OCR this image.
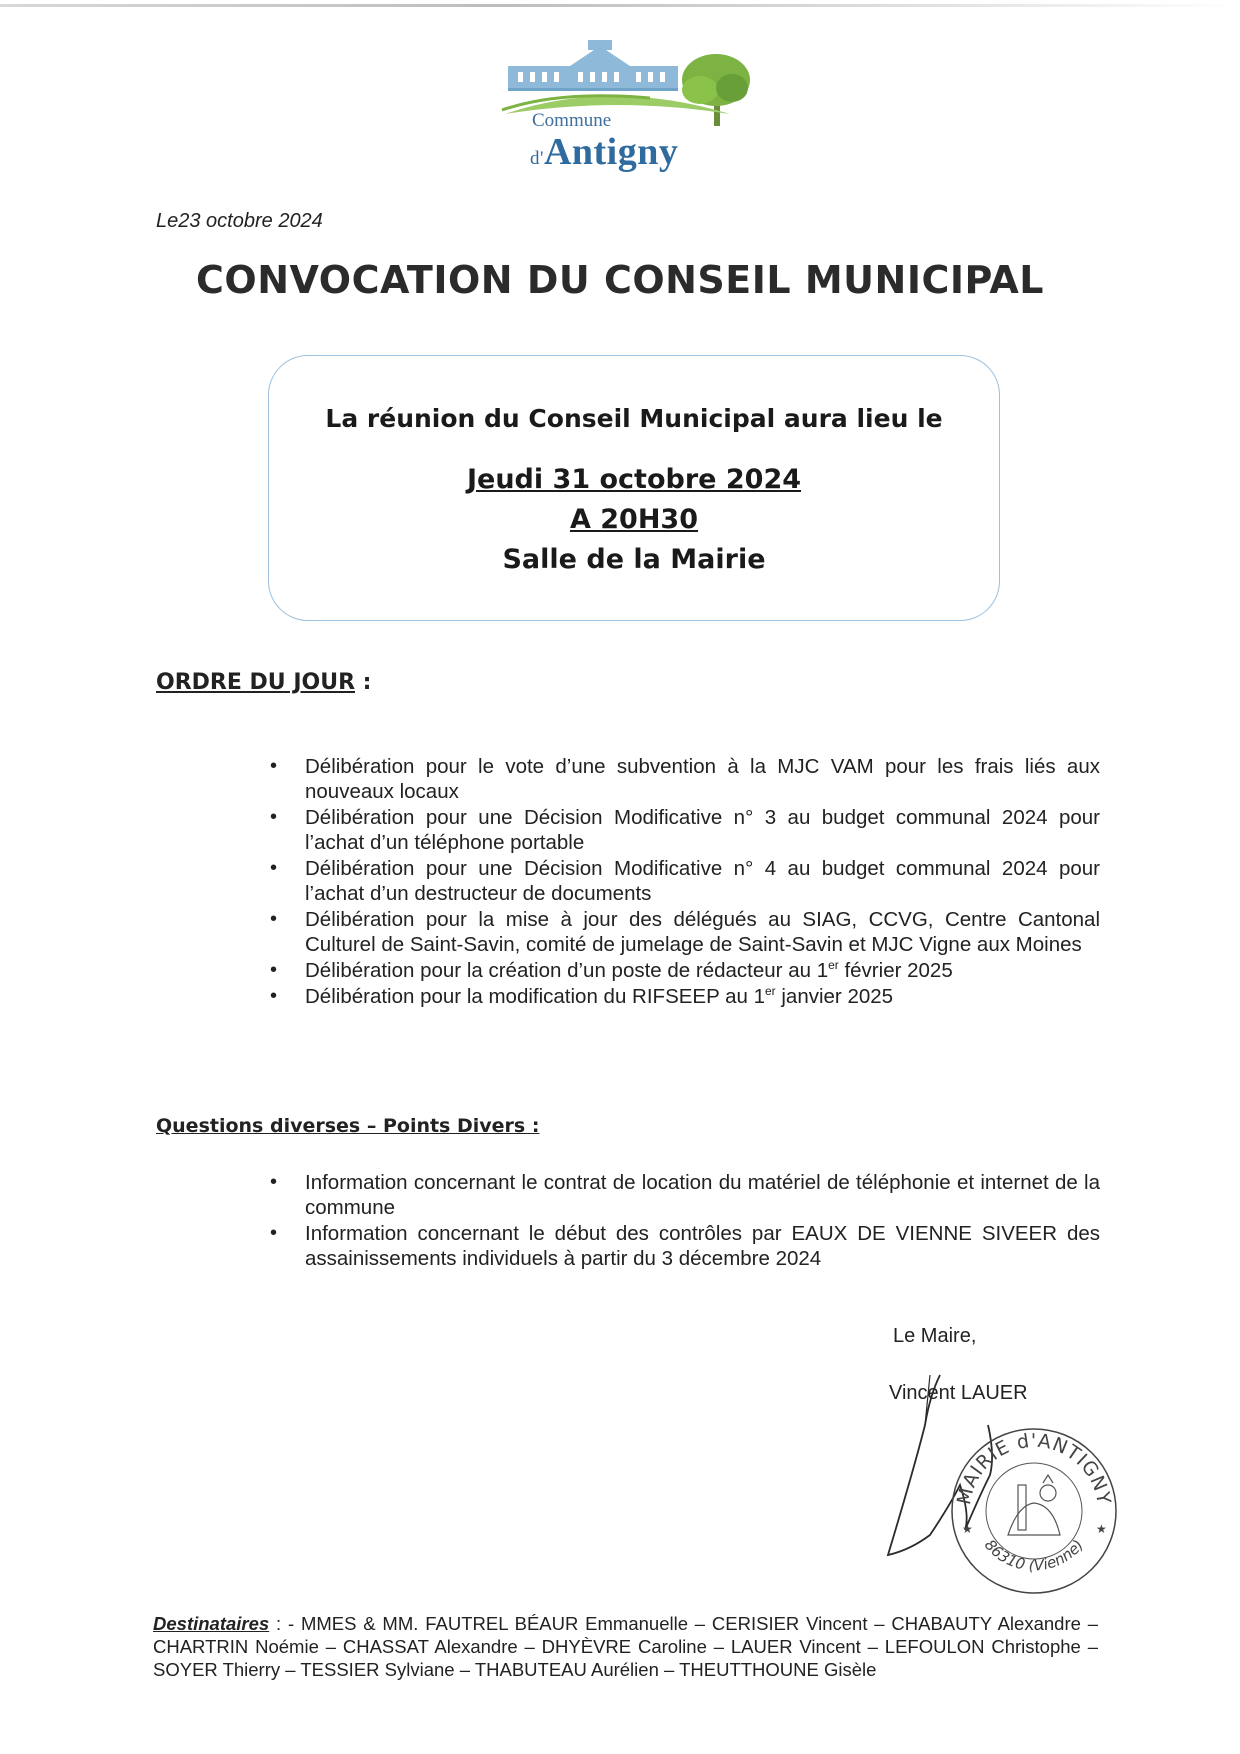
Commune
d'Antigny
Le23 octobre 2024
CONVOCATION DU CONSEIL MUNICIPAL
La réunion du Conseil Municipal aura lieu le
Jeudi 31 octobre 2024
A 20H30
Salle de la Mairie
ORDRE DU JOUR :
• Délibération pour le vote d’une subvention à la MJC VAM pour les frais liés aux nouveaux locaux
• Délibération pour une Décision Modificative n° 3 au budget communal 2024 pour l’achat d’un téléphone portable
• Délibération pour une Décision Modificative n° 4 au budget communal 2024 pour l’achat d’un destructeur de documents
• Délibération pour la mise à jour des délégués au SIAG, CCVG, Centre Cantonal Culturel de Saint-Savin, comité de jumelage de Saint-Savin et MJC Vigne aux Moines
• Délibération pour la création d’un poste de rédacteur au 1er février 2025
• Délibération pour la modification du RIFSEEP au 1er janvier 2025
Questions diverses – Points Divers :
• Information concernant le contrat de location du matériel de téléphonie et internet de la commune
• Information concernant le début des contrôles par EAUX DE VIENNE SIVEER des assainissements individuels à partir du 3 décembre 2024
Le Maire,
Vincent LAUER
MAIRIE d'ANTIGNY
86310 (Vienne)
★
★
Destinataires : - MMES & MM. FAUTREL BÉAUR Emmanuelle – CERISIER Vincent – CHABAUTY Alexandre – CHARTRIN Noémie – CHASSAT Alexandre – DHYÈVRE Caroline – LAUER Vincent – LEFOULON Christophe – SOYER Thierry – TESSIER Sylviane – THABUTEAU Aurélien – THEUTTHOUNE Gisèle
